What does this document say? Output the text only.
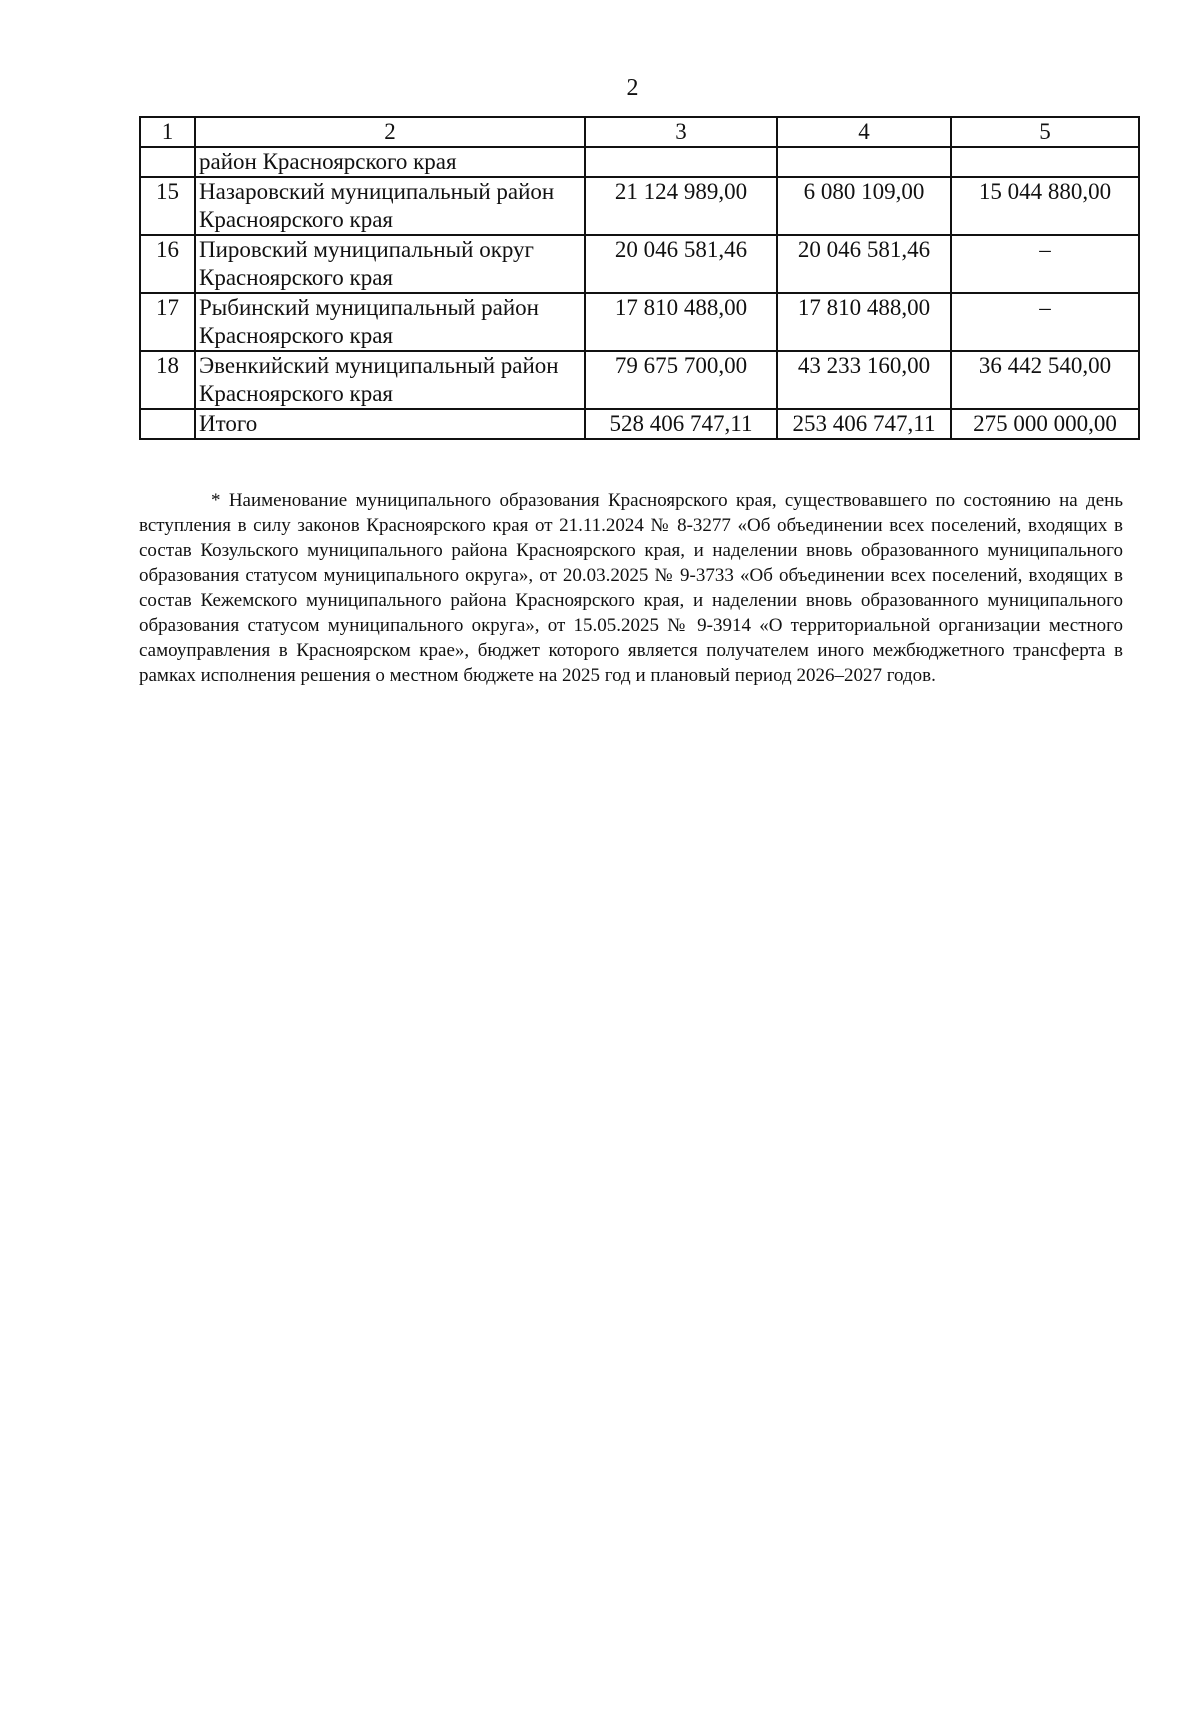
2
1	2	3	4	5
	район Красноярского края			
15	Назаровский муниципальный район Красноярского края	21 124 989,00	6 080 109,00	15 044 880,00
16	Пировский муниципальный округ Красноярского края	20 046 581,46	20 046 581,46	–
17	Рыбинский муниципальный район Красноярского края	17 810 488,00	17 810 488,00	–
18	Эвенкийский муниципальный район Красноярского края	79 675 700,00	43 233 160,00	36 442 540,00
	Итого	528 406 747,11	253 406 747,11	275 000 000,00

* Наименование муниципального образования Красноярского края, существовавшего по состоянию на день вступления в силу законов Красноярского края от 21.11.2024 № 8-3277 «Об объединении всех поселений, входящих в состав Козульского муниципального района Красноярского края, и наделении вновь образованного муниципального образования статусом муниципального округа», от 20.03.2025 № 9-3733 «Об объединении всех поселений, входящих в состав Кежемского муниципального района Красноярского края, и наделении вновь образованного муниципального образования статусом муниципального округа», от 15.05.2025 № 9-3914 «О территориальной организации местного самоуправления в Красноярском крае», бюджет которого является получателем иного межбюджетного трансферта в рамках исполнения решения о местном бюджете на 2025 год и плановый период 2026–2027 годов.
